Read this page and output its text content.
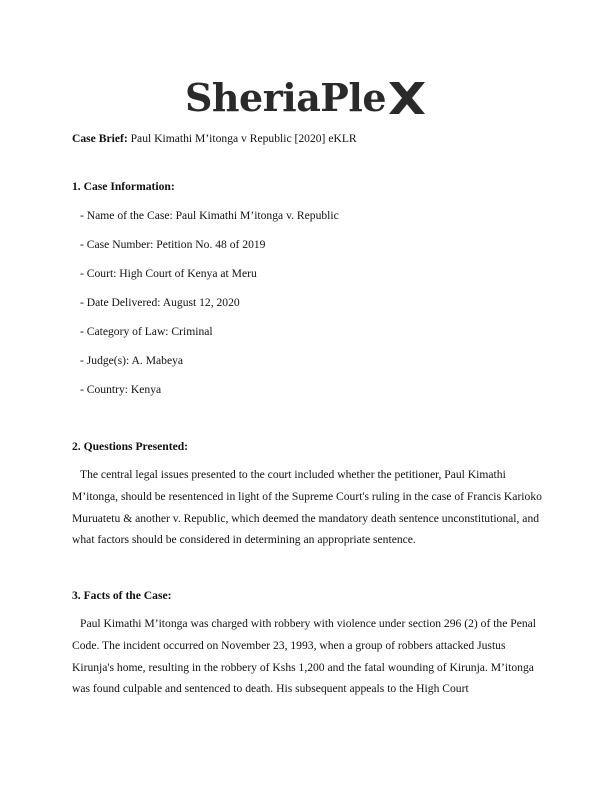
SheriaPle

Case Brief: Paul Kimathi M’itonga v Republic [2020] eKLR

1. Case Information:
- Name of the Case: Paul Kimathi M’itonga v. Republic
- Case Number: Petition No. 48 of 2019
- Court: High Court of Kenya at Meru
- Date Delivered: August 12, 2020
- Category of Law: Criminal
- Judge(s): A. Mabeya
- Country: Kenya
2. Questions Presented:

The central legal issues presented to the court included whether the petitioner, Paul Kimathi M’itonga, should be resentenced in light of the Supreme Court's ruling in the case of Francis Karioko Muruatetu & another v. Republic, which deemed the mandatory death sentence unconstitutional, and what factors should be considered in determining an appropriate sentence.

3. Facts of the Case:

Paul Kimathi M’itonga was charged with robbery with violence under section 296 (2) of the Penal Code. The incident occurred on November 23, 1993, when a group of robbers attacked Justus Kirunja's home, resulting in the robbery of Kshs 1,200 and the fatal wounding of Kirunja. M’itonga was found culpable and sentenced to death. His subsequent appeals to the High Court
